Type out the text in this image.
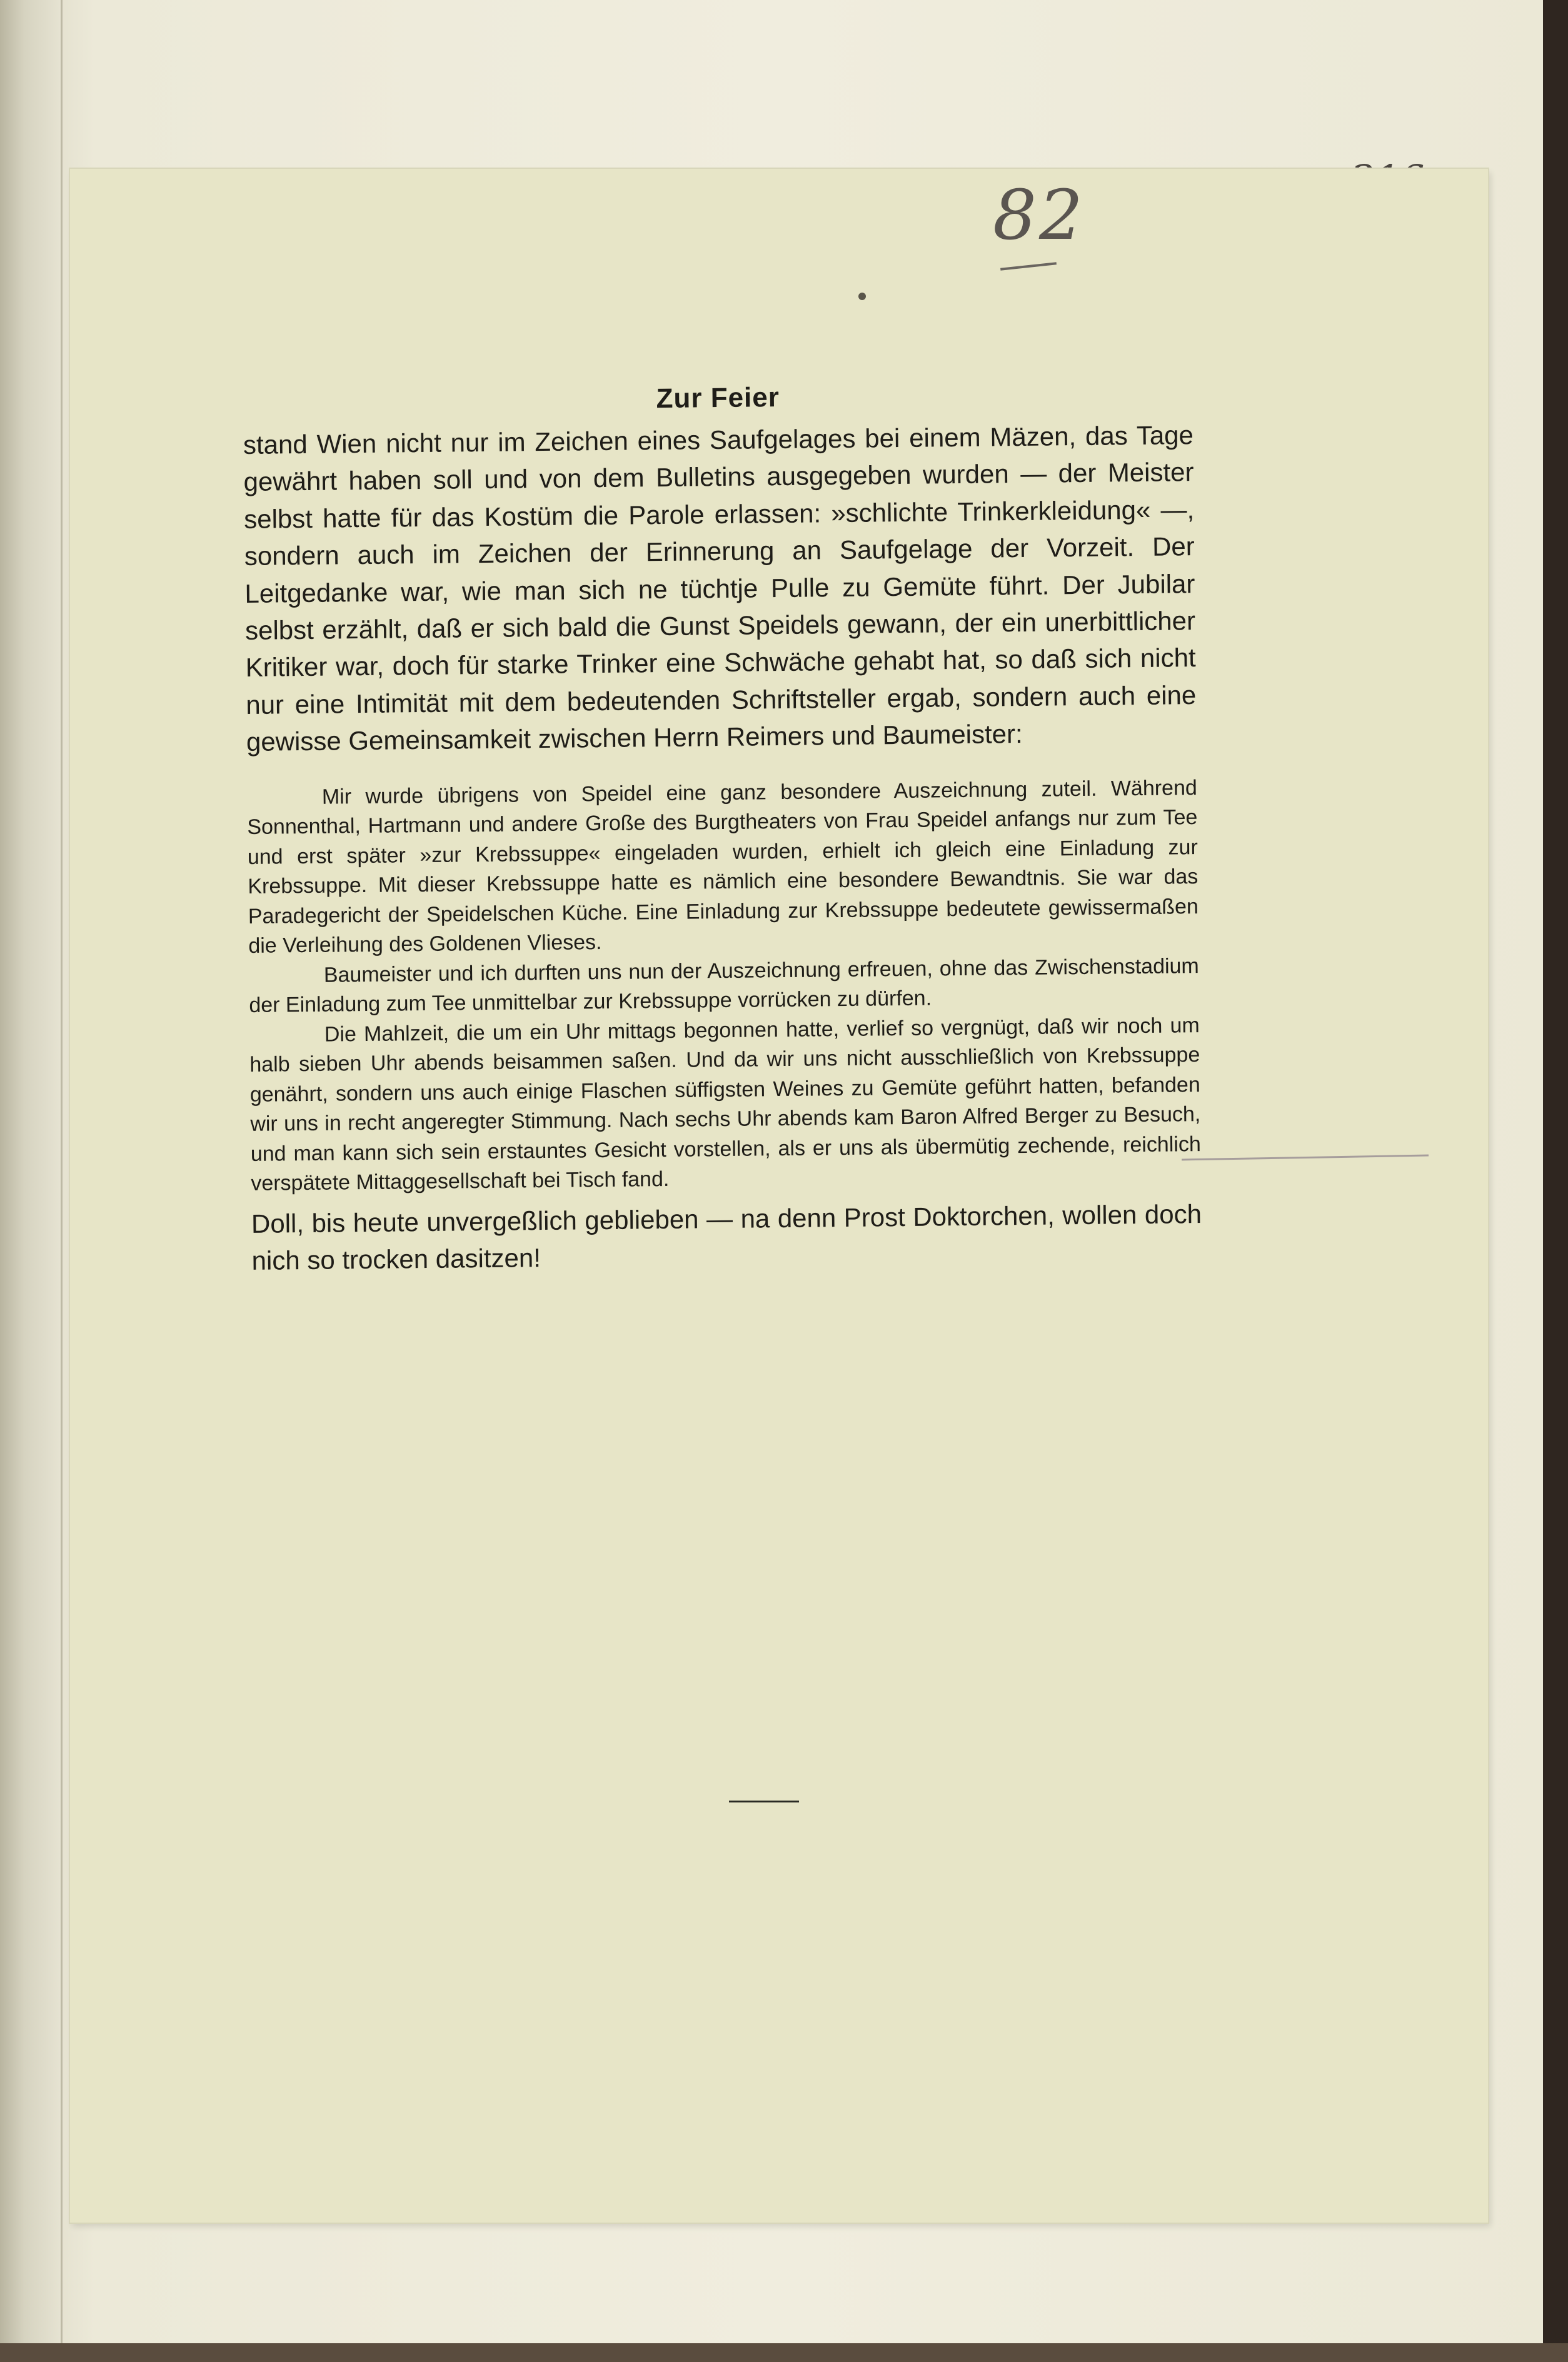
82
Zur Feier

stand Wien nicht nur im Zeichen eines Saufgelages bei einem Mäzen, das Tage gewährt haben soll und von dem Bulletins ausgegeben wurden — der Meister selbst hatte für das Kostüm die Parole erlassen: »schlichte Trinkerkleidung« —, sondern auch im Zeichen der Erinnerung an Saufgelage der Vorzeit. Der Leitgedanke war, wie man sich ne tüchtje Pulle zu Gemüte führt. Der Jubilar selbst erzählt, daß er sich bald die Gunst Speidels gewann, der ein unerbittlicher Kritiker war, doch für starke Trinker eine Schwäche gehabt hat, so daß sich nicht nur eine Intimität mit dem bedeutenden Schriftsteller ergab, sondern auch eine gewisse Gemeinsamkeit zwischen Herrn Reimers und Baumeister:

Mir wurde übrigens von Speidel eine ganz besondere Auszeichnung zuteil. Während Sonnenthal, Hartmann und andere Große des Burgtheaters von Frau Speidel anfangs nur zum Tee und erst später »zur Krebssuppe« eingeladen wurden, erhielt ich gleich eine Einladung zur Krebssuppe. Mit dieser Krebssuppe hatte es nämlich eine besondere Bewandtnis. Sie war das Paradegericht der Speidelschen Küche. Eine Einladung zur Krebssuppe bedeutete gewissermaßen die Verleihung des Goldenen Vlieses.

Baumeister und ich durften uns nun der Auszeichnung erfreuen, ohne das Zwischenstadium der Einladung zum Tee unmittelbar zur Krebssuppe vorrücken zu dürfen.

Die Mahlzeit, die um ein Uhr mittags begonnen hatte, verlief so vergnügt, daß wir noch um halb sieben Uhr abends beisammen saßen. Und da wir uns nicht ausschließlich von Krebssuppe genährt, sondern uns auch einige Flaschen süffigsten Weines zu Gemüte geführt hatten, befanden wir uns in recht angeregter Stimmung. Nach sechs Uhr abends kam Baron Alfred Berger zu Besuch, und man kann sich sein erstauntes Gesicht vorstellen, als er uns als übermütig zechende, reichlich verspätete Mittaggesellschaft bei Tisch fand.

Doll, bis heute unvergeßlich geblieben — na denn Prost Doktorchen, wollen doch nich so trocken dasitzen!
